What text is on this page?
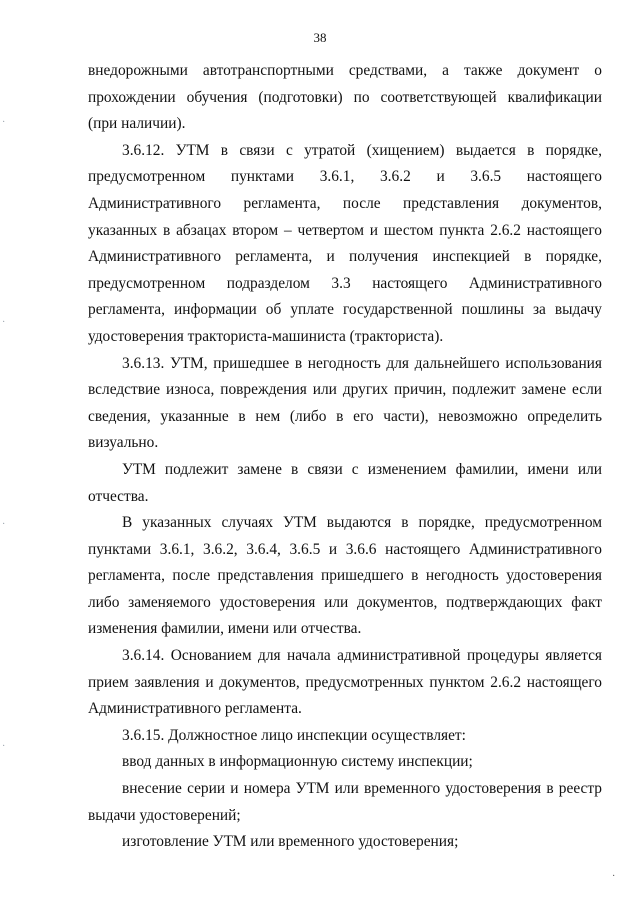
38

внедорожными автотранспортными средствами, а также документ о
прохождении обучения (подготовки) по соответствующей квалификации
(при наличии).

3.6.12. УТМ в связи с утратой (хищением) выдается в порядке,
предусмотренном пунктами 3.6.1, 3.6.2 и 3.6.5 настоящего
Административного регламента, после представления документов,
указанных в абзацах втором – четвертом и шестом пункта 2.6.2 настоящего
Административного регламента, и получения инспекцией в порядке,
предусмотренном подразделом 3.3 настоящего Административного
регламента, информации об уплате государственной пошлины за выдачу
удостоверения тракториста-машиниста (тракториста).

3.6.13. УТМ, пришедшее в негодность для дальнейшего использования
вследствие износа, повреждения или других причин, подлежит замене если
сведения, указанные в нем (либо в его части), невозможно определить
визуально.

УТМ подлежит замене в связи с изменением фамилии, имени или
отчества.

В указанных случаях УТМ выдаются в порядке, предусмотренном
пунктами 3.6.1, 3.6.2, 3.6.4, 3.6.5 и 3.6.6 настоящего Административного
регламента, после представления пришедшего в негодность удостоверения
либо заменяемого удостоверения или документов, подтверждающих факт
изменения фамилии, имени или отчества.

3.6.14. Основанием для начала административной процедуры является
прием заявления и документов, предусмотренных пунктом 2.6.2 настоящего
Административного регламента.

3.6.15. Должностное лицо инспекции осуществляет:

ввод данных в информационную систему инспекции;

внесение серии и номера УТМ или временного удостоверения в реестр
выдачи удостоверений;

изготовление УТМ или временного удостоверения;

·
·
·
·
·
